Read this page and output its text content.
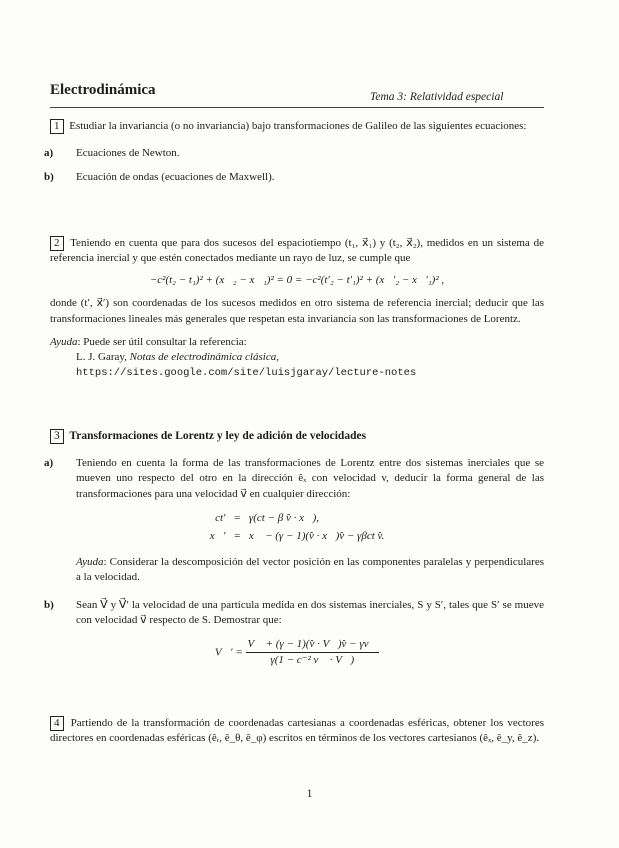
Electrodinámica	Tema 3: Relatividad especial
1 Estudiar la invariancia (o no invariancia) bajo transformaciones de Galileo de las siguientes ecuaciones:
a) Ecuaciones de Newton.
b) Ecuación de ondas (ecuaciones de Maxwell).
2 Teniendo en cuenta que para dos sucesos del espaciotiempo (t₁, x⃗₁) y (t₂, x⃗₂), medidos en un sistema de referencia inercial y que estén conectados mediante un rayo de luz, se cumple que
−c²(t₂ − t₁)² + (x⃗₂ − x⃗₁)² = 0 = −c²(t′₂ − t′₁)² + (x⃗′₂ − x⃗′₁)² ,
donde (t′, x⃗′) son coordenadas de los sucesos medidos en otro sistema de referencia inercial; deducir que las transformaciones lineales más generales que respetan esta invariancia son las transformaciones de Lorentz.
Ayuda: Puede ser útil consultar la referencia:
L. J. Garay, Notas de electrodinámica clásica,
https://sites.google.com/site/luisjgaray/lecture-notes
3 Transformaciones de Lorentz y ley de adición de velocidades
a) Teniendo en cuenta la forma de las transformaciones de Lorentz entre dos sistemas inerciales que se mueven uno respecto del otro en la dirección êₓ con velocidad v, deducir la forma general de las transformaciones para una velocidad v⃗ en cualquier dirección:
ct′	=	γ(ct − β v̂ · x⃗),
x⃗′	=	x⃗ − (γ − 1)(v̂ · x⃗)v̂ − γβct v̂.
Ayuda: Considerar la descomposición del vector posición en las componentes paralelas y perpendiculares a la velocidad.
b) Sean V⃗ y V⃗′ la velocidad de una partícula medida en dos sistemas inerciales, S y S′, tales que S′ se mueve con velocidad v⃗ respecto de S. Demostrar que:
V⃗′ = $\frac{V⃗ + (\gamma - 1)(v̂ \cdot V⃗)v̂ - \gamma v⃗}{\text{γ(1 − c⁻² v⃗ · V⃗)}}$
4 Partiendo de la transformación de coordenadas cartesianas a coordenadas esféricas, obtener los vectores directores en coordenadas esféricas (êᵣ, ê_θ, ê_φ) escritos en términos de los vectores cartesianos (êₓ, ê_y, ê_z).
1
